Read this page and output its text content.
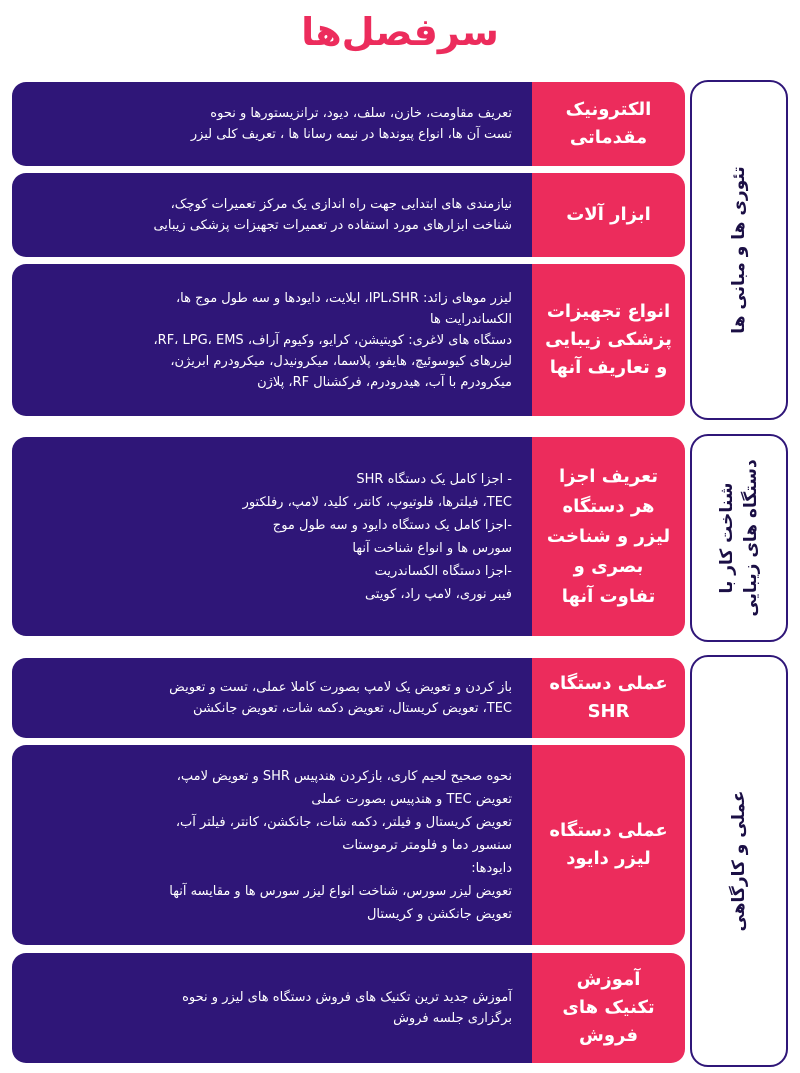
سرفصل‌ها
تئوری ها و مبانی ها
شناخت کار با دستگاه های زیبایی
عملی و کارگاهی
تعریف مقاومت، خازن، سلف، دیود، ترانزیستورها و نحوه
تست آن ها، انواع پیوندها در نیمه رسانا ها ، تعریف کلی لیزر
الکترونیک
مقدماتی
نیازمندی های ابتدایی جهت راه اندازی یک مرکز تعمیرات کوچک،
شناخت ابزارهای مورد استفاده در تعمیرات تجهیزات پزشکی زیبایی
ابزار آلات
لیزر موهای زائد: IPL،SHR، ایلایت، دایودها و سه طول موج ها،
الکساندرایت ها
دستگاه های لاغری: کویتیشن، کرایو، وکیوم آراف، RF، LPG، EMS،
لیزرهای کیوسوئیچ، هایفو، پلاسما، میکرونیدل، میکرودرم ابریژن،
میکرودرم با آب، هیدرودرم، فرکشنال RF، پلاژن
انواع تجهیزات
پزشکی زیبایی
و تعاریف آنها
- اجزا کامل یک دستگاه SHR
TEC، فیلترها، فلوتیوپ، کانتر، کلید، لامپ، رفلکتور
-اجزا کامل یک دستگاه دایود و سه طول موج
سورس ها و انواع شناخت آنها
-اجزا دستگاه الکساندریت
فیبر نوری، لامپ راد، کویتی
تعریف اجزا
هر دستگاه
لیزر و شناخت
بصری و
تفاوت آنها
باز کردن و تعویض یک لامپ بصورت کاملا عملی، تست و تعویض
TEC، تعویض کریستال، تعویض دکمه شات، تعویض جانکشن
عملی دستگاه
SHR
نحوه صحیح لحیم کاری، بازکردن هندپیس SHR و تعویض لامپ،
تعویض TEC و هندپیس بصورت عملی
تعویض کریستال و فیلتر، دکمه شات، جانکشن، کانتر، فیلتر آب،
سنسور دما و فلومتر ترموستات
دایودها:
تعویض لیزر سورس، شناخت انواع لیزر سورس ها و مقایسه آنها
تعویض جانکشن و کریستال
عملی دستگاه
لیزر دایود
آموزش جدید ترین تکنیک های فروش دستگاه های لیزر و نحوه
برگزاری جلسه فروش
آموزش
تکنیک های
فروش
